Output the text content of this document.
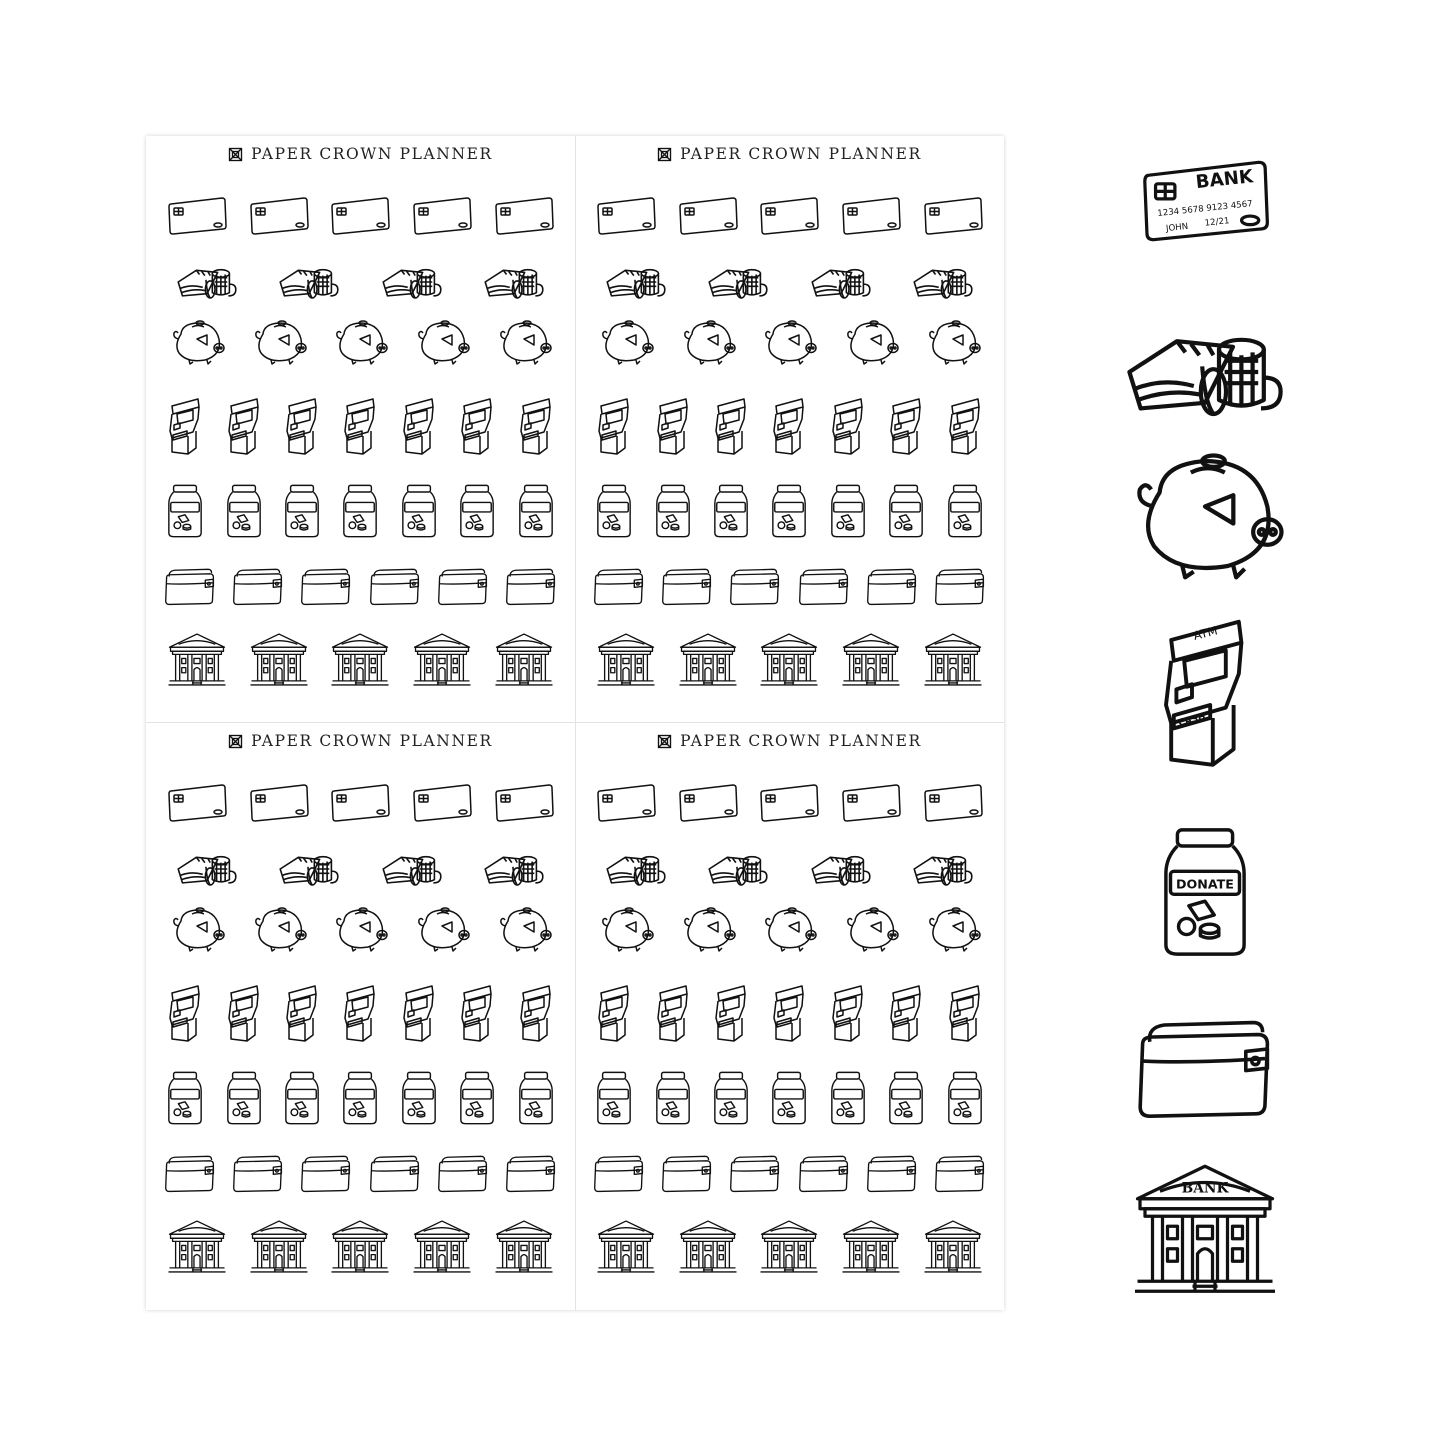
PAPER CROWN PLANNER	PAPER CROWN PLANNER
PAPER CROWN PLANNER	PAPER CROWN PLANNER
BANK
1234 5678 9123 4567
JOHN 12/21
ATM
CASH
DONATE
BANK
